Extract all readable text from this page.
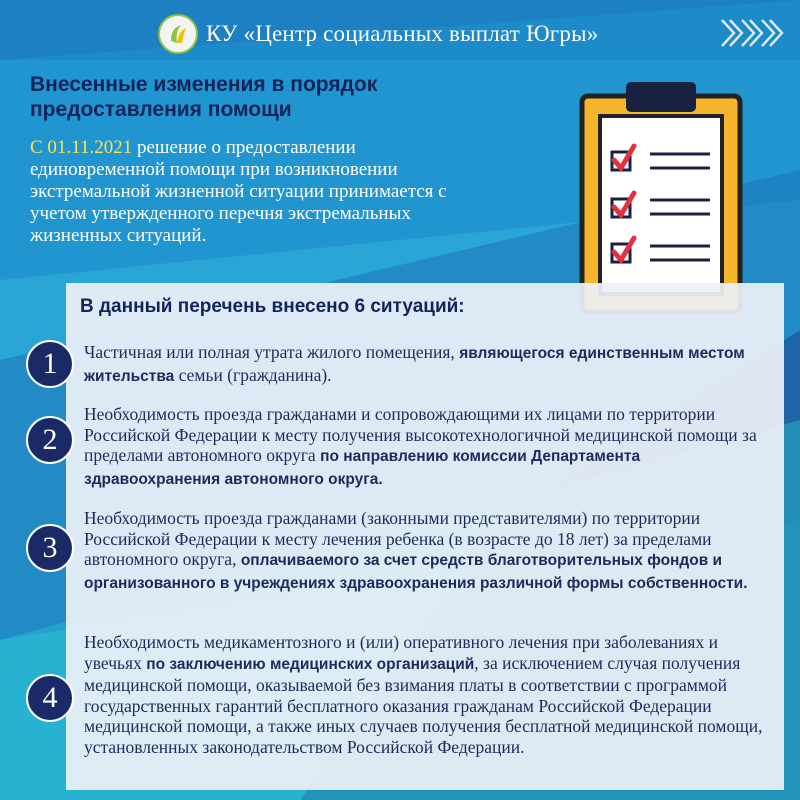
КУ «Центр социальных выплат Югры»
Внесенные изменения в порядок предоставления помощи
С 01.11.2021 решение о предоставлении единовременной помощи при возникновении экстремальной жизненной ситуации принимается с учетом утвержденного перечня экстремальных жизненных ситуаций.
В данный перечень внесено 6 ситуаций:
1	Частичная или полная утрата жилого помещения, являющегося единственным местом жительства семьи (гражданина).
2
Необходимость проезда гражданами и сопровождающими их лицами по территории Российской Федерации к месту получения высокотехнологичной медицинской помощи за пределами автономного округа по направлению комиссии Департамента здравоохранения автономного округа.
3
Необходимость проезда гражданами (законными представителями) по территории Российской Федерации к месту лечения ребенка (в возрасте до 18 лет) за пределами автономного округа, оплачиваемого за счет средств благотворительных фондов и организованного в учреждениях здравоохранения различной формы собственности.
4
Необходимость медикаментозного и (или) оперативного лечения при заболеваниях и увечьях по заключению медицинских организаций, за исключением случая получения медицинской помощи, оказываемой без взимания платы в соответствии с программой государственных гарантий бесплатного оказания гражданам Российской Федерации медицинской помощи, а также иных случаев получения бесплатной медицинской помощи, установленных законодательством Российской Федерации.
